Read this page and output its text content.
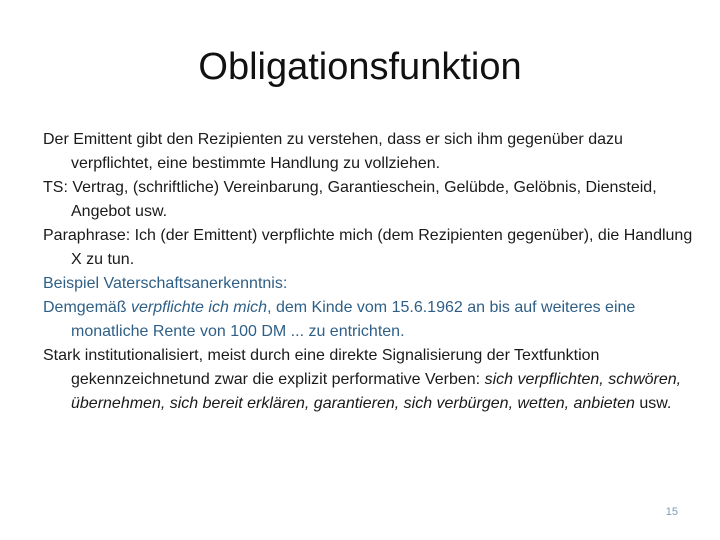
Obligationsfunktion

Der Emittent gibt den Rezipienten zu verstehen, dass er sich ihm gegenüber dazu verpflichtet, eine bestimmte Handlung zu vollziehen.

TS: Vertrag, (schriftliche) Vereinbarung, Garantieschein, Gelübde, Gelöbnis, Diensteid, Angebot usw.

Paraphrase: Ich (der Emittent) verpflichte mich (dem Rezipienten gegenüber), die Handlung X zu tun.

Beispiel Vaterschaftsanerkenntnis:

Demgemäß verpflichte ich mich, dem Kinde vom 15.6.1962 an bis auf weiteres eine monatliche Rente von 100 DM ... zu entrichten.

Stark institutionalisiert, meist durch eine direkte Signalisierung der Textfunktion gekennzeichnetund zwar die explizit performative Verben: sich verpflichten, schwören, übernehmen, sich bereit erklären, garantieren, sich verbürgen, wetten, anbieten usw.

15
